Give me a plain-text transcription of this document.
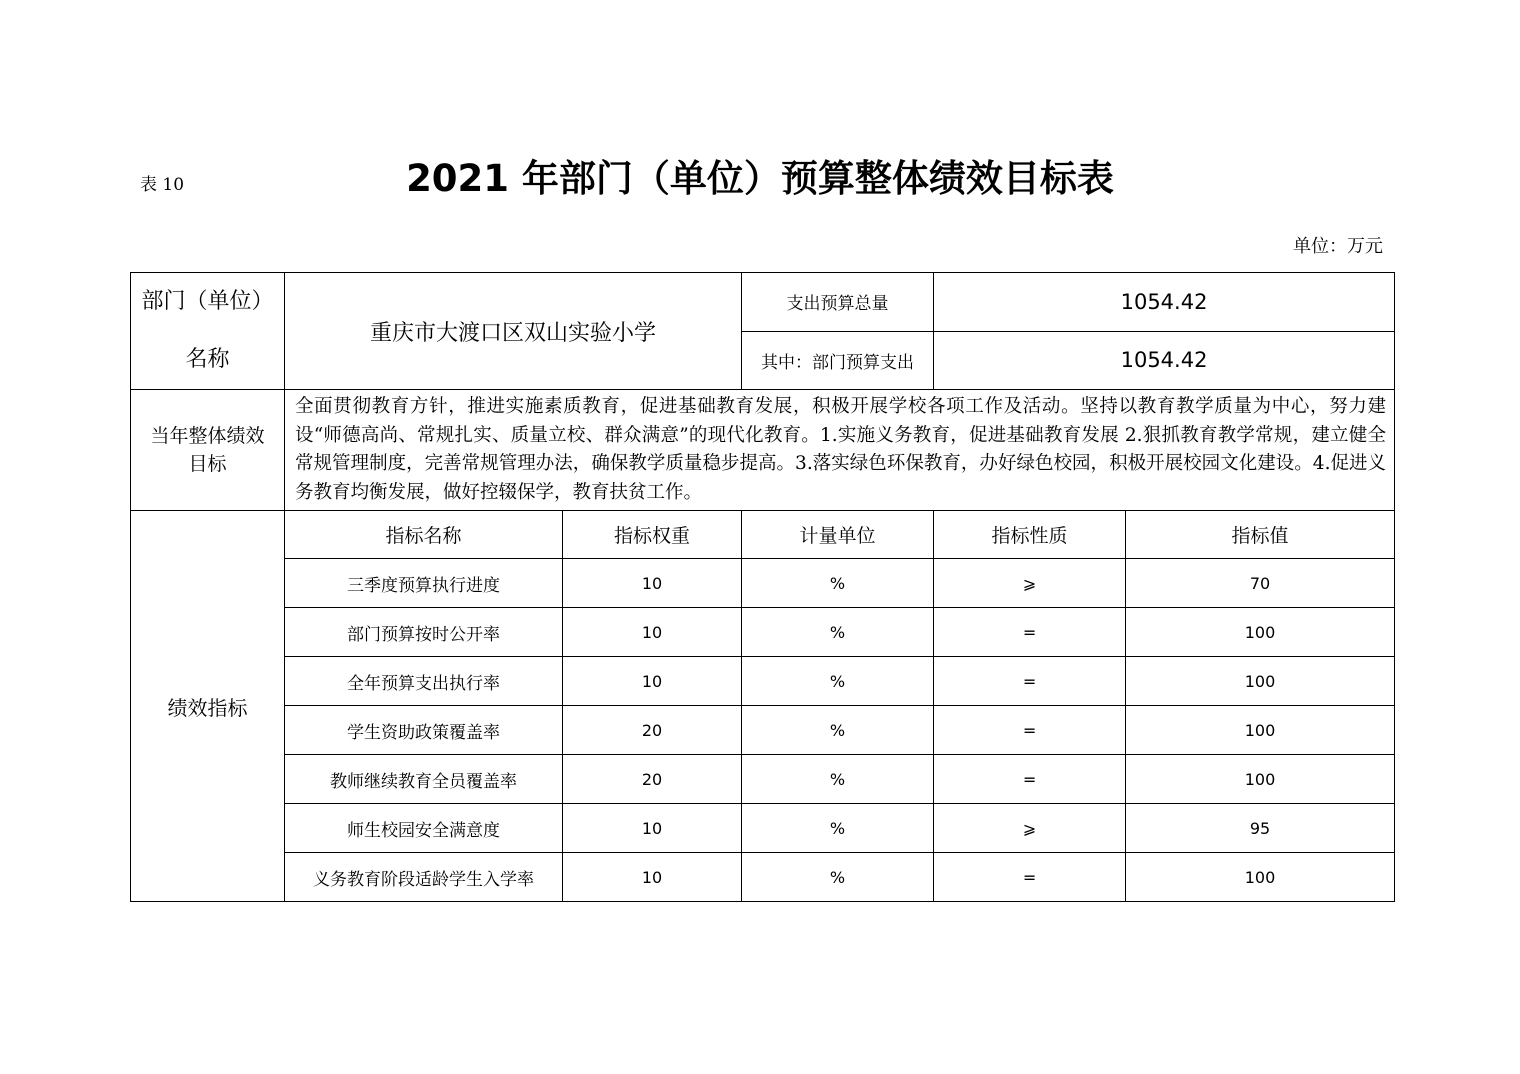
表 10	2021 年部门（单位）预算整体绩效目标表
单位：万元
部门（单位）
名称	重庆市大渡口区双山实验小学		支出预算总量	1054.42	
			其中：部门预算支出	1054.42	

当年整体绩效
目标	全面贯彻教育方针，推进实施素质教育，促进基础教育发展，积极开展学校各项工作及活动。坚持以教育教学质量为中心，努力建设“师德高尚、常规扎实、质量立校、群众满意”的现代化教育。1.实施义务教育，促进基础教育发展 2.狠抓教育教学常规，建立健全常规管理制度，完善常规管理办法，确保教学质量稳步提高。3.落实绿色环保教育，办好绿色校园，积极开展校园文化建设。4.促进义务教育均衡发展，做好控辍保学，教育扶贫工作。				
绩效指标	指标名称	指标权重	计量单位	指标性质	指标值
	三季度预算执行进度	10	%	⩾	70
	部门预算按时公开率	10	%	=	100
	全年预算支出执行率	10	%	=	100
	学生资助政策覆盖率	20	%	=	100
	教师继续教育全员覆盖率	20	%	=	100
	师生校园安全满意度	10	%	⩾	95
	义务教育阶段适龄学生入学率	10	%	=	100
